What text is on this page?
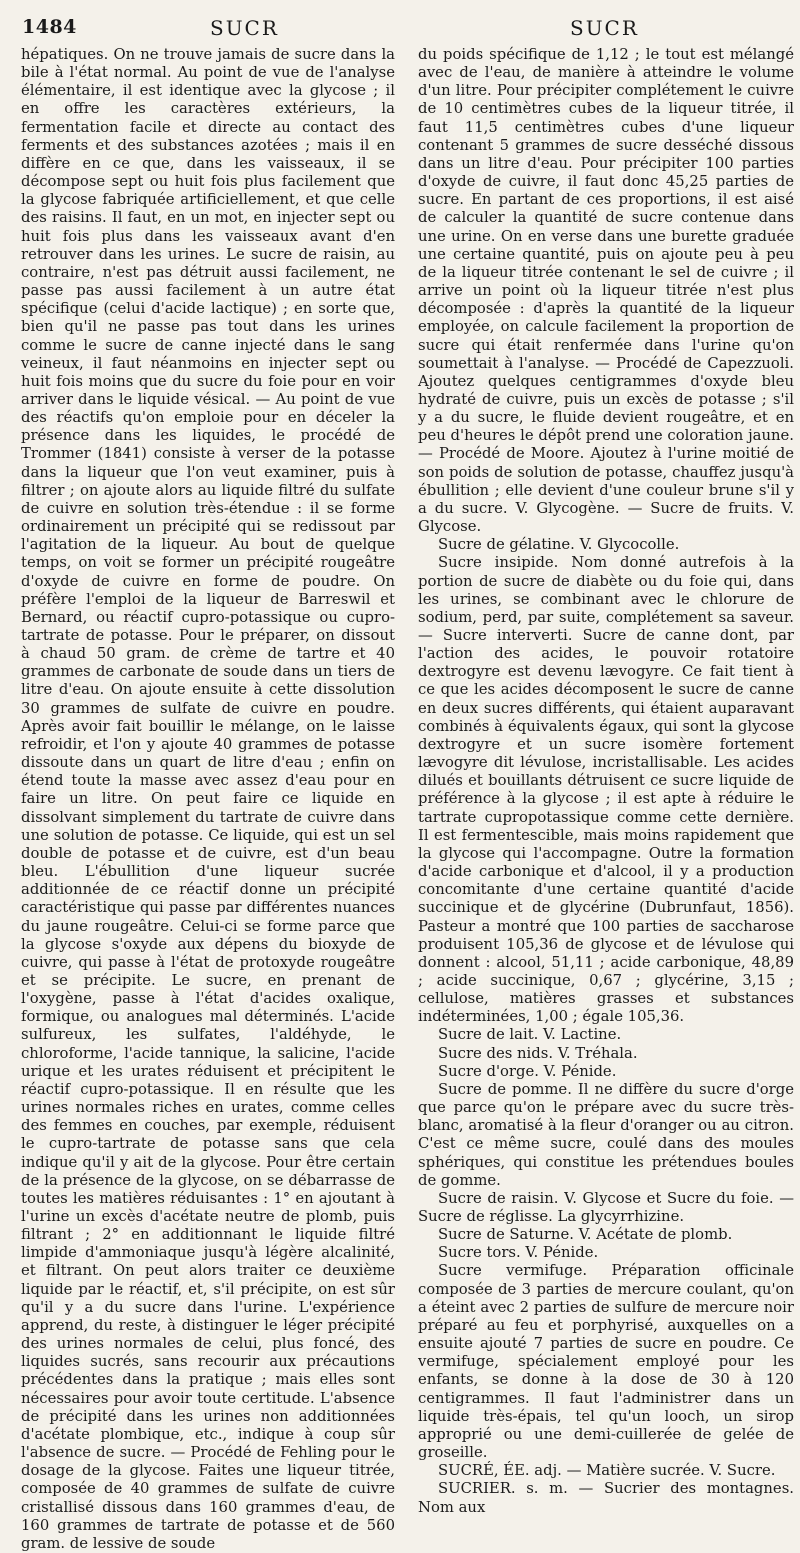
1484	SUCR	SUCR

hépatiques. On ne trouve jamais de sucre dans la bile à l'état normal. Au point de vue de l'analyse élémentaire, il est identique avec la glycose ; il en offre les caractères extérieurs, la fermentation facile et directe au contact des ferments et des substances azotées ; mais il en diffère en ce que, dans les vaisseaux, il se décompose sept ou huit fois plus facilement que la glycose fabriquée artificiellement, et que celle des raisins. Il faut, en un mot, en injecter sept ou huit fois plus dans les vaisseaux avant d'en retrouver dans les urines. Le sucre de raisin, au contraire, n'est pas détruit aussi facilement, ne passe pas aussi facilement à un autre état spécifique (celui d'acide lactique) ; en sorte que, bien qu'il ne passe pas tout dans les urines comme le sucre de canne injecté dans le sang veineux, il faut néanmoins en injecter sept ou huit fois moins que du sucre du foie pour en voir arriver dans le liquide vésical. — Au point de vue des réactifs qu'on emploie pour en déceler la présence dans les liquides, le procédé de Trommer (1841) consiste à verser de la potasse dans la liqueur que l'on veut examiner, puis à filtrer ; on ajoute alors au liquide filtré du sulfate de cuivre en solution très-étendue : il se forme ordinairement un précipité qui se redissout par l'agitation de la liqueur. Au bout de quelque temps, on voit se former un précipité rougeâtre d'oxyde de cuivre en forme de poudre. On préfère l'emploi de la liqueur de Barreswil et Bernard, ou réactif cupro-potassique ou cupro-tartrate de potasse. Pour le préparer, on dissout à chaud 50 gram. de crème de tartre et 40 grammes de carbonate de soude dans un tiers de litre d'eau. On ajoute ensuite à cette dissolution 30 grammes de sulfate de cuivre en poudre. Après avoir fait bouillir le mélange, on le laisse refroidir, et l'on y ajoute 40 grammes de potasse dissoute dans un quart de litre d'eau ; enfin on étend toute la masse avec assez d'eau pour en faire un litre. On peut faire ce liquide en dissolvant simplement du tartrate de cuivre dans une solution de potasse. Ce liquide, qui est un sel double de potasse et de cuivre, est d'un beau bleu. L'ébullition d'une liqueur sucrée additionnée de ce réactif donne un précipité caractéristique qui passe par différentes nuances du jaune rougeâtre. Celui-ci se forme parce que la glycose s'oxyde aux dépens du bioxyde de cuivre, qui passe à l'état de protoxyde rougeâtre et se précipite. Le sucre, en prenant de l'oxygène, passe à l'état d'acides oxalique, formique, ou analogues mal déterminés. L'acide sulfureux, les sulfates, l'aldéhyde, le chloroforme, l'acide tannique, la salicine, l'acide urique et les urates réduisent et précipitent le réactif cupro-potassique. Il en résulte que les urines normales riches en urates, comme celles des femmes en couches, par exemple, réduisent le cupro-tartrate de potasse sans que cela indique qu'il y ait de la glycose. Pour être certain de la présence de la glycose, on se débarrasse de toutes les matières réduisantes : 1° en ajoutant à l'urine un excès d'acétate neutre de plomb, puis filtrant ; 2° en additionnant le liquide filtré limpide d'ammoniaque jusqu'à légère alcalinité, et filtrant. On peut alors traiter ce deuxième liquide par le réactif, et, s'il précipite, on est sûr qu'il y a du sucre dans l'urine. L'expérience apprend, du reste, à distinguer le léger précipité des urines normales de celui, plus foncé, des liquides sucrés, sans recourir aux précautions précédentes dans la pratique ; mais elles sont nécessaires pour avoir toute certitude. L'absence de précipité dans les urines non additionnées d'acétate plombique, etc., indique à coup sûr l'absence de sucre. — Procédé de Fehling pour le dosage de la glycose. Faites une liqueur titrée, composée de 40 grammes de sulfate de cuivre cristallisé dissous dans 160 grammes d'eau, de 160 grammes de tartrate de potasse et de 560 gram. de lessive de soude

du poids spécifique de 1,12 ; le tout est mélangé avec de l'eau, de manière à atteindre le volume d'un litre. Pour précipiter complétement le cuivre de 10 centimètres cubes de la liqueur titrée, il faut 11,5 centimètres cubes d'une liqueur contenant 5 grammes de sucre desséché dissous dans un litre d'eau. Pour précipiter 100 parties d'oxyde de cuivre, il faut donc 45,25 parties de sucre. En partant de ces proportions, il est aisé de calculer la quantité de sucre contenue dans une urine. On en verse dans une burette graduée une certaine quantité, puis on ajoute peu à peu de la liqueur titrée contenant le sel de cuivre ; il arrive un point où la liqueur titrée n'est plus décomposée : d'après la quantité de la liqueur employée, on calcule facilement la proportion de sucre qui était renfermée dans l'urine qu'on soumettait à l'analyse. — Procédé de Capezzuoli. Ajoutez quelques centigrammes d'oxyde bleu hydraté de cuivre, puis un excès de potasse ; s'il y a du sucre, le fluide devient rougeâtre, et en peu d'heures le dépôt prend une coloration jaune. — Procédé de Moore. Ajoutez à l'urine moitié de son poids de solution de potasse, chauffez jusqu'à ébullition ; elle devient d'une couleur brune s'il y a du sucre. V. Glycogène. — Sucre de fruits. V. Glycose.

Sucre de gélatine. V. Glycocolle.

Sucre insipide. Nom donné autrefois à la portion de sucre de diabète ou du foie qui, dans les urines, se combinant avec le chlorure de sodium, perd, par suite, complétement sa saveur. — Sucre interverti. Sucre de canne dont, par l'action des acides, le pouvoir rotatoire dextrogyre est devenu lævogyre. Ce fait tient à ce que les acides décomposent le sucre de canne en deux sucres différents, qui étaient auparavant combinés à équivalents égaux, qui sont la glycose dextrogyre et un sucre isomère fortement lævogyre dit lévulose, incristallisable. Les acides dilués et bouillants détruisent ce sucre liquide de préférence à la glycose ; il est apte à réduire le tartrate cupropotassique comme cette dernière. Il est fermentescible, mais moins rapidement que la glycose qui l'accompagne. Outre la formation d'acide carbonique et d'alcool, il y a production concomitante d'une certaine quantité d'acide succinique et de glycérine (Dubrunfaut, 1856). Pasteur a montré que 100 parties de saccharose produisent 105,36 de glycose et de lévulose qui donnent : alcool, 51,11 ; acide carbonique, 48,89 ; acide succinique, 0,67 ; glycérine, 3,15 ; cellulose, matières grasses et substances indéterminées, 1,00 ; égale 105,36.

Sucre de lait. V. Lactine.

Sucre des nids. V. Tréhala.

Sucre d'orge. V. Pénide.

Sucre de pomme. Il ne diffère du sucre d'orge que parce qu'on le prépare avec du sucre très-blanc, aromatisé à la fleur d'oranger ou au citron. C'est ce même sucre, coulé dans des moules sphériques, qui constitue les prétendues boules de gomme.

Sucre de raisin. V. Glycose et Sucre du foie. — Sucre de réglisse. La glycyrrhizine.

Sucre de Saturne. V. Acétate de plomb.

Sucre tors. V. Pénide.

Sucre vermifuge. Préparation officinale composée de 3 parties de mercure coulant, qu'on a éteint avec 2 parties de sulfure de mercure noir préparé au feu et porphyrisé, auxquelles on a ensuite ajouté 7 parties de sucre en poudre. Ce vermifuge, spécialement employé pour les enfants, se donne à la dose de 30 à 120 centigrammes. Il faut l'administrer dans un liquide très-épais, tel qu'un looch, un sirop approprié ou une demi-cuillerée de gelée de groseille.

SUCRÉ, ÉE. adj. — Matière sucrée. V. Sucre.

SUCRIER. s. m. — Sucrier des montagnes. Nom aux
